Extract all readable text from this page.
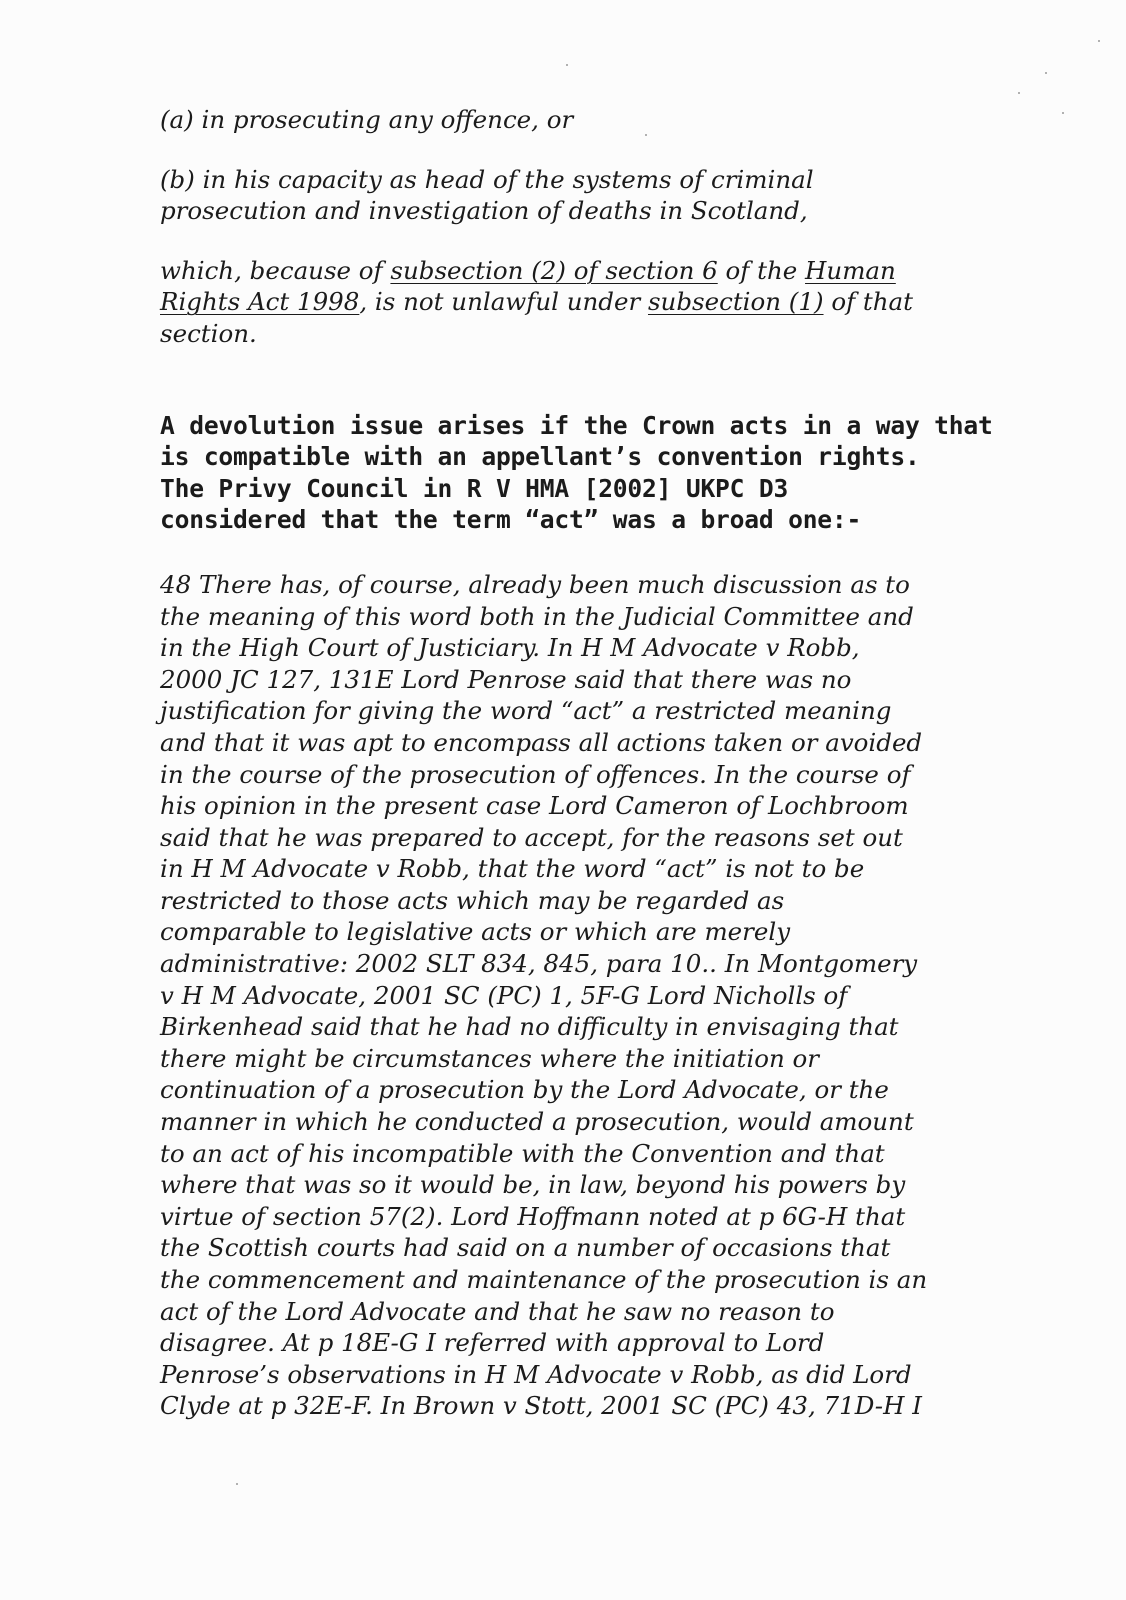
(a) in prosecuting any offence, or

(b) in his capacity as head of the systems of criminal
prosecution and investigation of deaths in Scotland,

which, because of subsection (2) of section 6 of the Human
Rights Act 1998, is not unlawful under subsection (1) of that
section.

A devolution issue arises if the Crown acts in a way that
is compatible with an appellant’s convention rights.
The Privy Council in R V HMA [2002] UKPC D3
considered that the term “act” was a broad one:-

48 There has, of course, already been much discussion as to
the meaning of this word both in the Judicial Committee and
in the High Court of Justiciary. In H M Advocate v Robb,
2000 JC 127, 131E Lord Penrose said that there was no
justification for giving the word “act” a restricted meaning
and that it was apt to encompass all actions taken or avoided
in the course of the prosecution of offences. In the course of
his opinion in the present case Lord Cameron of Lochbroom
said that he was prepared to accept, for the reasons set out
in H M Advocate v Robb, that the word “act” is not to be
restricted to those acts which may be regarded as
comparable to legislative acts or which are merely
administrative: 2002 SLT 834, 845, para 10.. In Montgomery
v H M Advocate, 2001 SC (PC) 1, 5F-G Lord Nicholls of
Birkenhead said that he had no difficulty in envisaging that
there might be circumstances where the initiation or
continuation of a prosecution by the Lord Advocate, or the
manner in which he conducted a prosecution, would amount
to an act of his incompatible with the Convention and that
where that was so it would be, in law, beyond his powers by
virtue of section 57(2). Lord Hoffmann noted at p 6G-H that
the Scottish courts had said on a number of occasions that
the commencement and maintenance of the prosecution is an
act of the Lord Advocate and that he saw no reason to
disagree. At p 18E-G I referred with approval to Lord
Penrose’s observations in H M Advocate v Robb, as did Lord
Clyde at p 32E-F. In Brown v Stott, 2001 SC (PC) 43, 71D-H I
